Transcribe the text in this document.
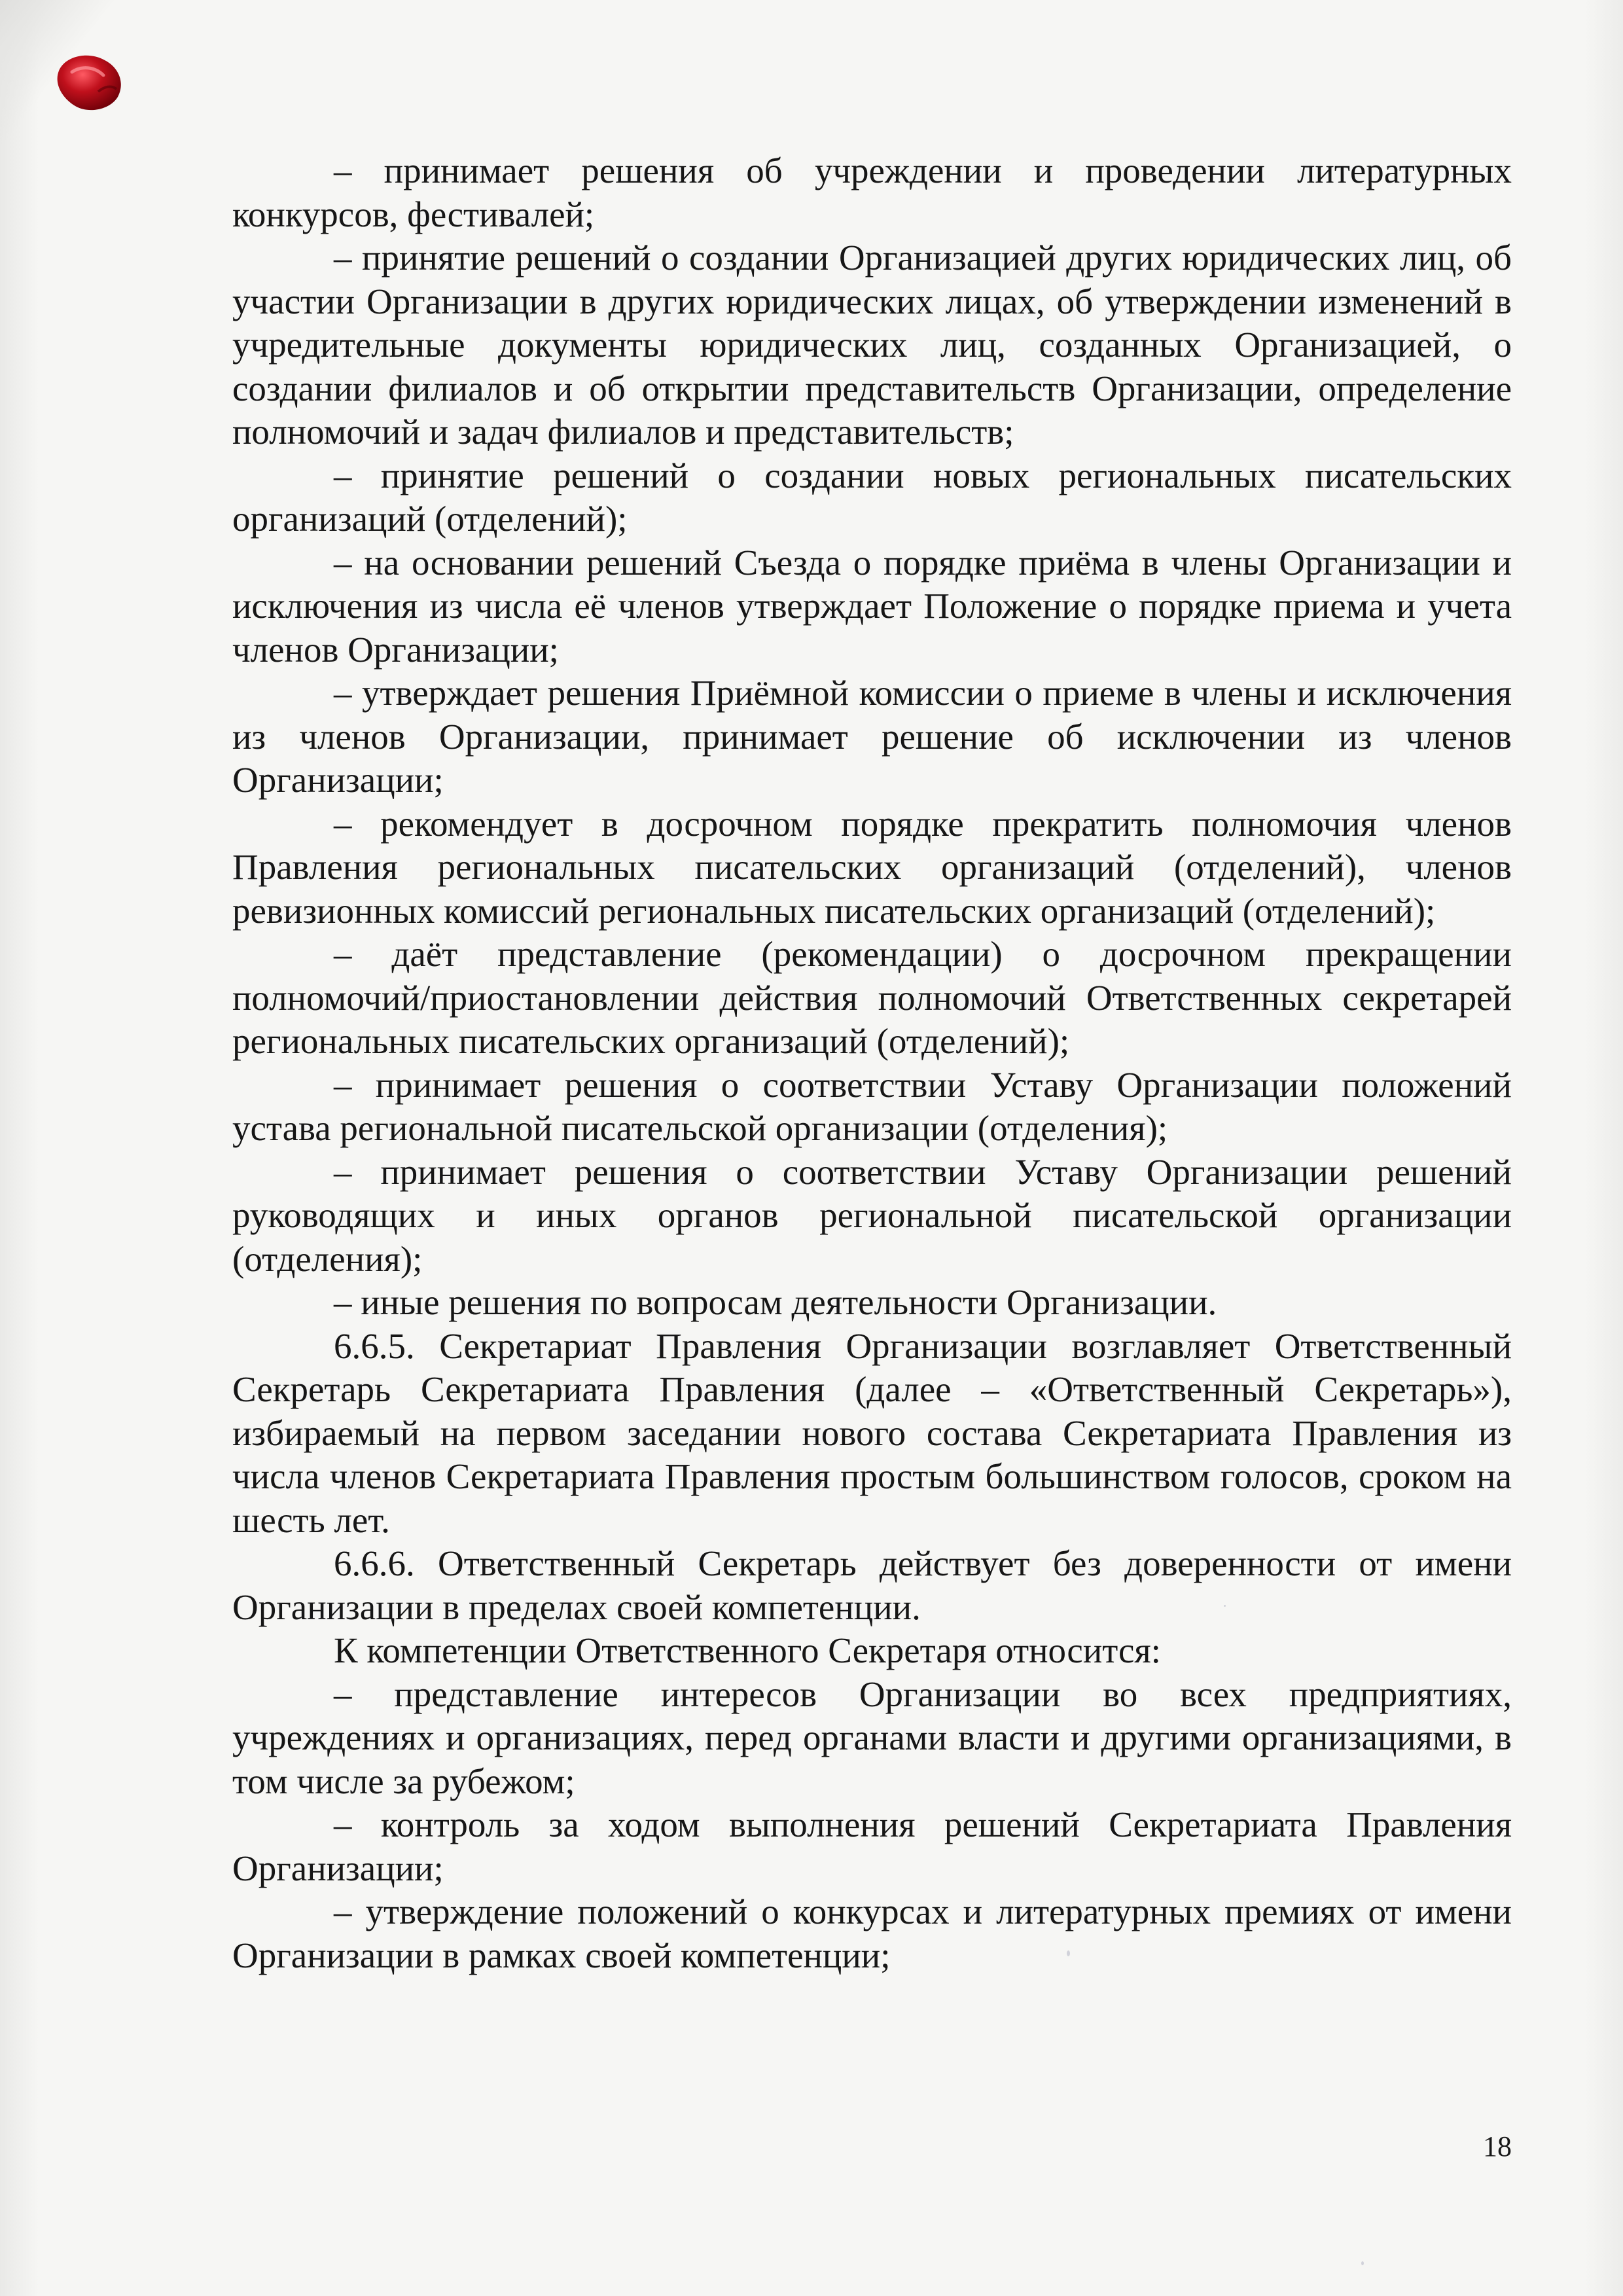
– принимает решения об учреждении и проведении литературных конкурсов, фестивалей;

– принятие решений о создании Организацией других юридических лиц, об участии Организации в других юридических лицах, об утверждении изменений в учредительные документы юридических лиц, созданных Организацией, о создании филиалов и об открытии представительств Организации, определение полномочий и задач филиалов и представительств;

– принятие решений о создании новых региональных писательских организаций (отделений);

– на основании решений Съезда о порядке приёма в члены Организации и исключения из числа её членов утверждает Положение о порядке приема и учета членов Организации;

– утверждает решения Приёмной комиссии о приеме в члены и исключения из членов Организации, принимает решение об исключении из членов Организации;

– рекомендует в досрочном порядке прекратить полномочия членов Правления региональных писательских организаций (отделений), членов ревизионных комиссий региональных писательских организаций (отделений);

– даёт представление (рекомендации) о досрочном прекращении полномочий/приостановлении действия полномочий Ответственных секретарей региональных писательских организаций (отделений);

– принимает решения о соответствии Уставу Организации положений устава региональной писательской организации (отделения);

– принимает решения о соответствии Уставу Организации решений руководящих и иных органов региональной писательской организации (отделения);

– иные решения по вопросам деятельности Организации.

6.6.5. Секретариат Правления Организации возглавляет Ответственный Секретарь Секретариата Правления (далее – «Ответственный Секретарь»), избираемый на первом заседании нового состава Секретариата Правления из числа членов Секретариата Правления простым большинством голосов, сроком на шесть лет.

6.6.6. Ответственный Секретарь действует без доверенности от имени Организации в пределах своей компетенции.

К компетенции Ответственного Секретаря относится:

– представление интересов Организации во всех предприятиях, учреждениях и организациях, перед органами власти и другими организациями, в том числе за рубежом;

– контроль за ходом выполнения решений Секретариата Правления Организации;

– утверждение положений о конкурсах и литературных премиях от имени Организации в рамках своей компетенции;

18
